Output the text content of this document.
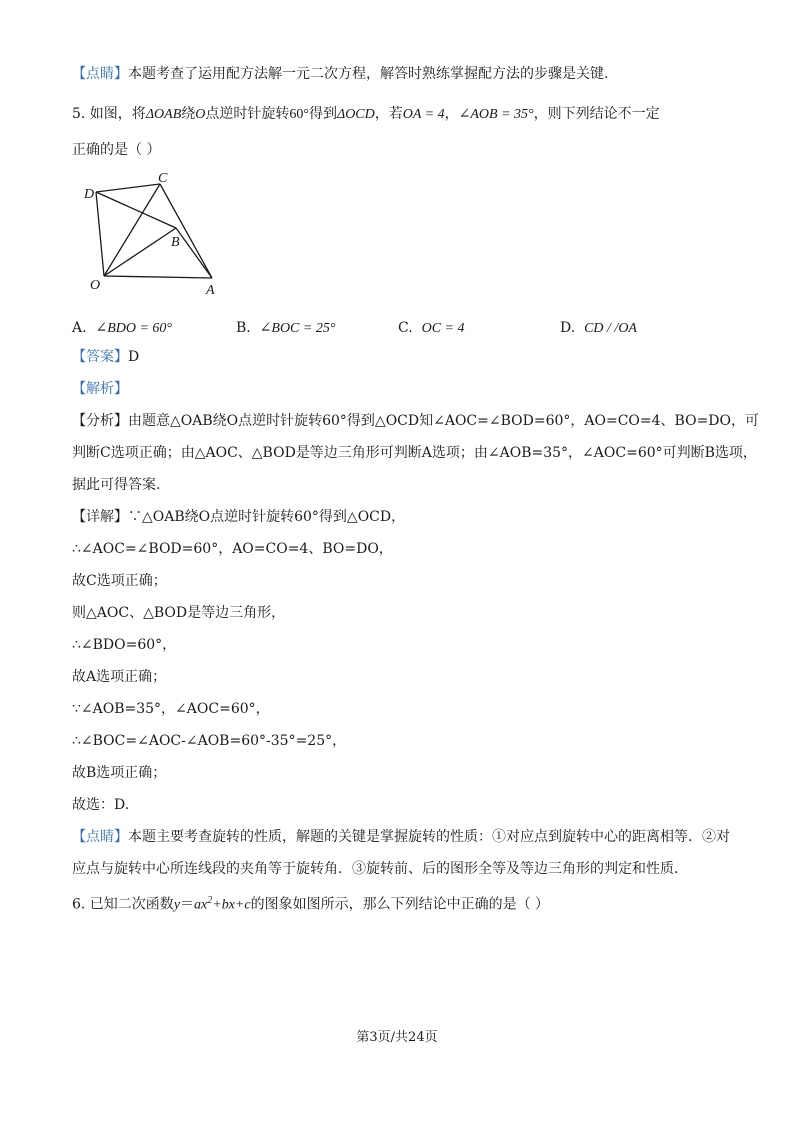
【点睛】本题考查了运用配方法解一元二次方程，解答时熟练掌握配方法的步骤是关键.
5. 如图，将ΔOAB绕O点逆时针旋转60°得到ΔOCD，若OA = 4，∠AOB = 35°，则下列结论不一定
正确的是（ ）
D
C
B
O	A
A. ∠BDO = 60°	B. ∠BOC = 25°	C. OC = 4	D. CD / /OA
【答案】D
【解析】
【分析】由题意△OAB绕O点逆时针旋转60°得到△OCD知∠AOC=∠BOD=60°，AO=CO=4、BO=DO，可
判断C选项正确；由△AOC、△BOD是等边三角形可判断A选项；由∠AOB=35°，∠AOC=60°可判断B选项，
据此可得答案.
【详解】∵△OAB绕O点逆时针旋转60°得到△OCD，
∴∠AOC=∠BOD=60°，AO=CO=4、BO=DO，
故C选项正确；
则△AOC、△BOD是等边三角形，
∴∠BDO=60°，
故A选项正确；
∵∠AOB=35°，∠AOC=60°，
∴∠BOC=∠AOC-∠AOB=60°-35°=25°，
故B选项正确；
故选：D.
【点睛】本题主要考查旋转的性质，解题的关键是掌握旋转的性质：①对应点到旋转中心的距离相等．②对
应点与旋转中心所连线段的夹角等于旋转角．③旋转前、后的图形全等及等边三角形的判定和性质．
6. 已知二次函数$y=ax^2+bx+c$的图象如图所示，那么下列结论中正确的是（ ）
第3页/共24页
